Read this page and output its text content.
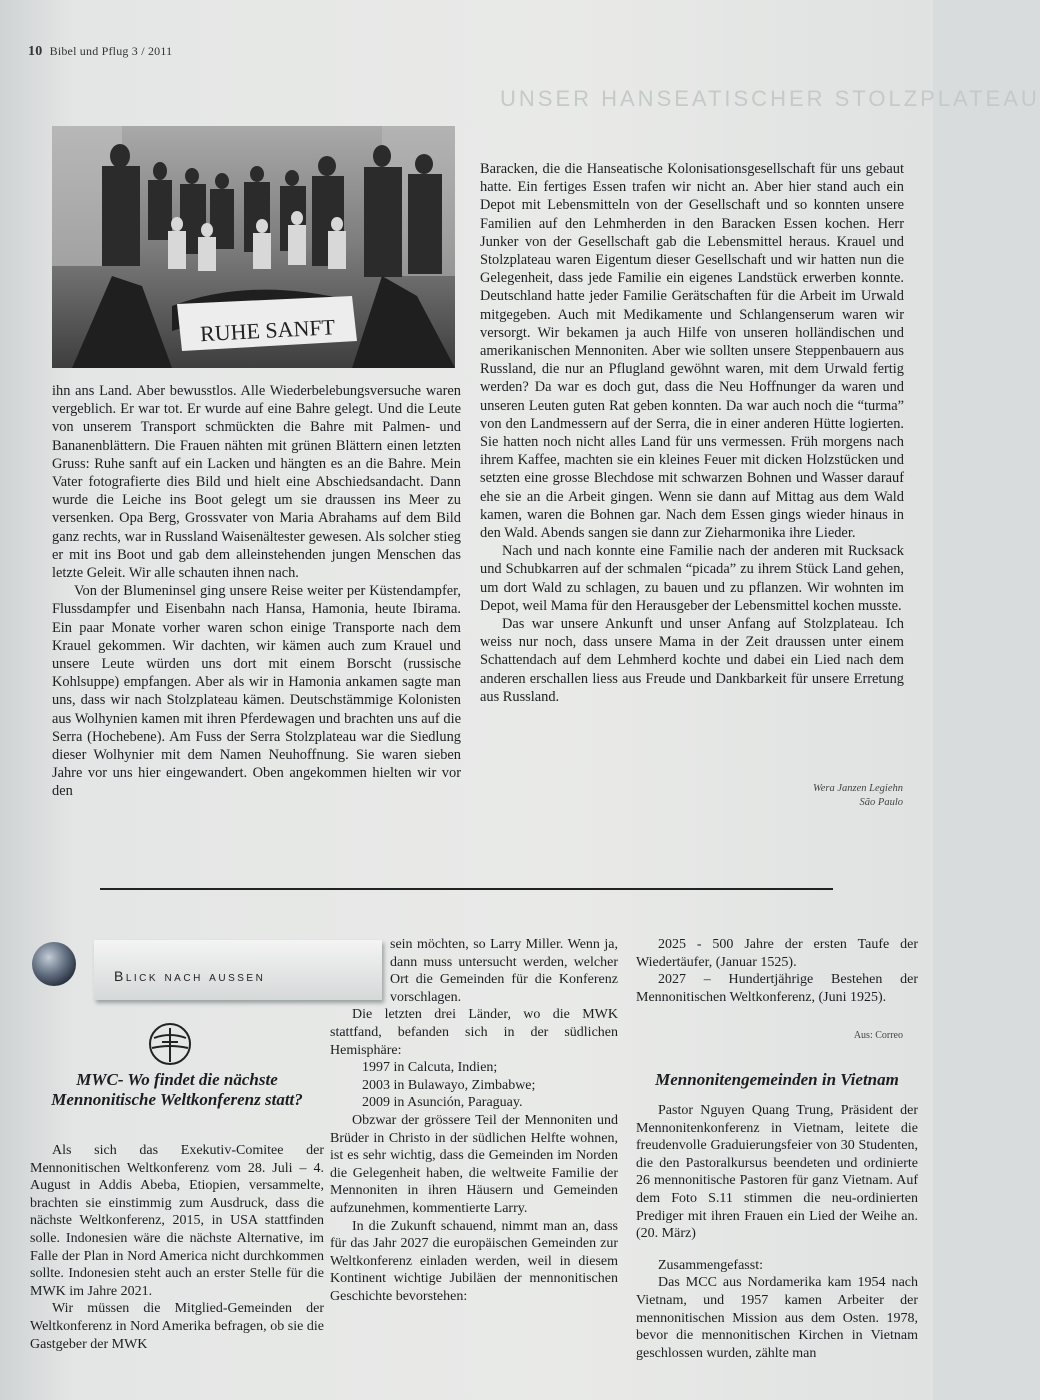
10 Bibel und Pflug 3 / 2011
UNSER HANSEATISCHER STOLZPLATEAU
RUHE SANFT

ihn ans Land. Aber bewusstlos. Alle Wiederbelebungsversuche waren vergeblich. Er war tot. Er wurde auf eine Bahre gelegt. Und die Leute von unserem Transport schmückten die Bahre mit Palmen- und Bananenblättern. Die Frauen nähten mit grünen Blättern einen letzten Gruss: Ruhe sanft auf ein Lacken und hängten es an die Bahre. Mein Vater fotografierte dies Bild und hielt eine Abschiedsandacht. Dann wurde die Leiche ins Boot gelegt um sie draussen ins Meer zu versenken. Opa Berg, Grossvater von Maria Abrahams auf dem Bild ganz rechts, war in Russland Waisenältester gewesen. Als solcher stieg er mit ins Boot und gab dem alleinstehenden jungen Menschen das letzte Geleit. Wir alle schauten ihnen nach.

Von der Blumeninsel ging unsere Reise weiter per Küstendampfer, Flussdampfer und Eisenbahn nach Hansa, Hamonia, heute Ibirama. Ein paar Monate vorher waren schon einige Transporte nach dem Krauel gekommen. Wir dachten, wir kämen auch zum Krauel und unsere Leute würden uns dort mit einem Borscht (russische Kohlsuppe) empfangen. Aber als wir in Hamonia ankamen sagte man uns, dass wir nach Stolzplateau kämen. Deutschstämmige Kolonisten aus Wolhynien kamen mit ihren Pferdewagen und brachten uns auf die Serra (Hochebene). Am Fuss der Serra Stolzplateau war die Siedlung dieser Wolhynier mit dem Namen Neuhoffnung. Sie waren sieben Jahre vor uns hier eingewandert. Oben angekommen hielten wir vor den

Baracken, die die Hanseatische Kolonisationsgesellschaft für uns gebaut hatte. Ein fertiges Essen trafen wir nicht an. Aber hier stand auch ein Depot mit Lebensmitteln von der Gesellschaft und so konnten unsere Familien auf den Lehmherden in den Baracken Essen kochen. Herr Junker von der Gesellschaft gab die Lebensmittel heraus. Krauel und Stolzplateau waren Eigentum dieser Gesellschaft und wir hatten nun die Gelegenheit, dass jede Familie ein eigenes Landstück erwerben konnte. Deutschland hatte jeder Familie Gerätschaften für die Arbeit im Urwald mitgegeben. Auch mit Medikamente und Schlangenserum waren wir versorgt. Wir bekamen ja auch Hilfe von unseren holländischen und amerikanischen Mennoniten. Aber wie sollten unsere Steppenbauern aus Russland, die nur an Pflugland gewöhnt waren, mit dem Urwald fertig werden? Da war es doch gut, dass die Neu Hoffnunger da waren und unseren Leuten guten Rat geben konnten. Da war auch noch die “turma” von den Landmessern auf der Serra, die in einer anderen Hütte logierten. Sie hatten noch nicht alles Land für uns vermessen. Früh morgens nach ihrem Kaffee, machten sie ein kleines Feuer mit dicken Holzstücken und setzten eine grosse Blechdose mit schwarzen Bohnen und Wasser darauf ehe sie an die Arbeit gingen. Wenn sie dann auf Mittag aus dem Wald kamen, waren die Bohnen gar. Nach dem Essen gings wieder hinaus in den Wald. Abends sangen sie dann zur Zieharmonika ihre Lieder.

Nach und nach konnte eine Familie nach der anderen mit Rucksack und Schubkarren auf der schmalen “picada” zu ihrem Stück Land gehen, um dort Wald zu schlagen, zu bauen und zu pflanzen. Wir wohnten im Depot, weil Mama für den Herausgeber der Lebensmittel kochen musste.

Das war unsere Ankunft und unser Anfang auf Stolzplateau. Ich weiss nur noch, dass unsere Mama in der Zeit draussen unter einem Schattendach auf dem Lehmherd kochte und dabei ein Lied nach dem anderen erschallen liess aus Freude und Dankbarkeit für unsere Erretung aus Russland.

Wera Janzen Legiehn
São Paulo
Blick nach aussen
MWC- Wo findet die nächste Mennonitische Weltkonferenz statt?

Als sich das Exekutiv-Comitee der Mennonitischen Weltkonferenz vom 28. Juli – 4. August in Addis Abeba, Etiopien, versammelte, brachten sie einstimmig zum Ausdruck, dass die nächste Weltkonferenz, 2015, in USA stattfinden solle. Indonesien wäre die nächste Alternative, im Falle der Plan in Nord America nicht durchkommen sollte. Indonesien steht auch an erster Stelle für die MWK im Jahre 2021.

Wir müssen die Mitglied-Gemeinden der Weltkonferenz in Nord Amerika befragen, ob sie die Gastgeber der MWK

sein möchten, so Larry Miller. Wenn ja, dann muss untersucht werden, welcher Ort die Gemeinden für die Konferenz vorschlagen.

Die letzten drei Länder, wo die MWK stattfand, befanden sich in der südlichen Hemisphäre:

1997 in Calcuta, Indien;

2003 in Bulawayo, Zimbabwe;

2009 in Asunción, Paraguay.

Obzwar der grössere Teil der Mennoniten und Brüder in Christo in der südlichen Helfte wohnen, ist es sehr wichtig, dass die Gemeinden im Norden die Gelegenheit haben, die weltweite Familie der Mennoniten in ihren Häusern und Gemeinden aufzunehmen, kommentierte Larry.

In die Zukunft schauend, nimmt man an, dass für das Jahr 2027 die europäischen Gemeinden zur Weltkonferenz einladen werden, weil in diesem Kontinent wichtige Jubiläen der mennonitischen Geschichte bevorstehen:

2025 - 500 Jahre der ersten Taufe der Wiedertäufer, (Januar 1525).

2027 – Hundertjährige Bestehen der Mennonitischen Weltkonferenz, (Juni 1925).

Aus: Correo
Mennonitengemeinden in Vietnam

Pastor Nguyen Quang Trung, Präsident der Mennonitenkonferenz in Vietnam, leitete die freudenvolle Graduierungsfeier von 30 Studenten, die den Pastoralkursus beendeten und ordinierte 26 mennonitische Pastoren für ganz Vietnam. Auf dem Foto S.11 stimmen die neu-ordinierten Prediger mit ihren Frauen ein Lied der Weihe an. (20. März)

Zusammengefasst:

Das MCC aus Nordamerika kam 1954 nach Vietnam, und 1957 kamen Arbeiter der mennonitischen Mission aus dem Osten. 1978, bevor die mennonitischen Kirchen in Vietnam geschlossen wurden, zählte man
